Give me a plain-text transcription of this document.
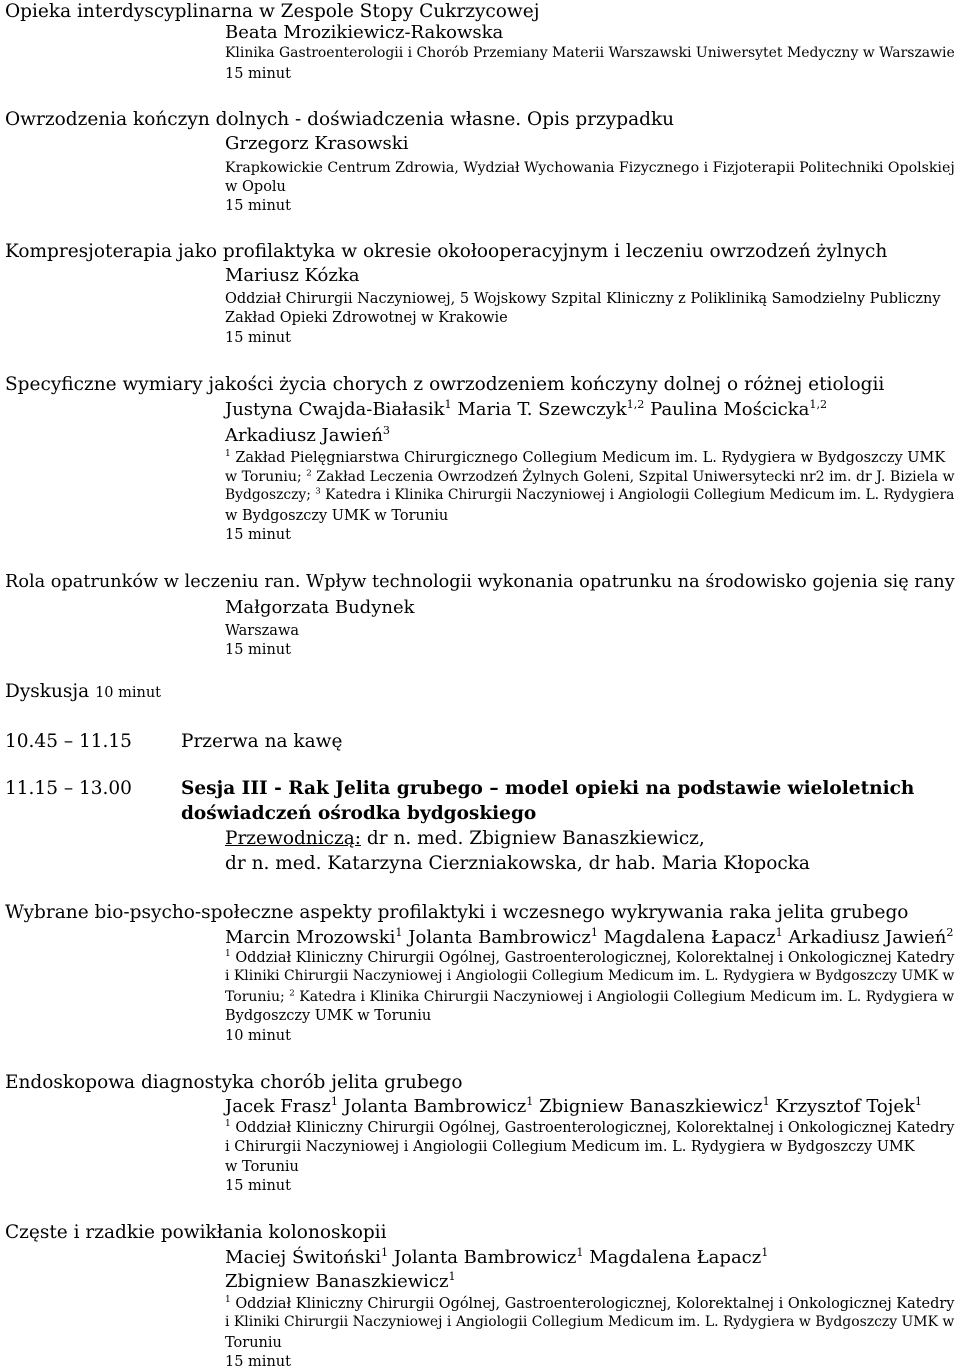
Opieka interdyscyplinarna w Zespole Stopy Cukrzycowej
Beata Mrozikiewicz-Rakowska
Klinika Gastroenterologii i Chorób Przemiany Materii Warszawski Uniwersytet Medyczny w Warszawie
15 minut
Owrzodzenia kończyn dolnych - doświadczenia własne. Opis przypadku
Grzegorz Krasowski
Krapkowickie Centrum Zdrowia, Wydział Wychowania Fizycznego i Fizjoterapii Politechniki Opolskiej
w Opolu
15 minut
Kompresjoterapia jako profilaktyka w okresie okołooperacyjnym i leczeniu owrzodzeń żylnych
Mariusz Kózka
Oddział Chirurgii Naczyniowej, 5 Wojskowy Szpital Kliniczny z Polikliniką Samodzielny Publiczny
Zakład Opieki Zdrowotnej w Krakowie
15 minut
Specyficzne wymiary jakości życia chorych z owrzodzeniem kończyny dolnej o różnej etiologii
Justyna Cwajda-Białasik$^1$ Maria T. Szewczyk$^{1,2}$ Paulina Mościcka$^{1,2}$
Arkadiusz Jawień$^3$
$^1$ Zakład Pielęgniarstwa Chirurgicznego Collegium Medicum im. L. Rydygiera w Bydgoszczy UMK
w Toruniu; $^2$ Zakład Leczenia Owrzodzeń Żylnych Goleni, Szpital Uniwersytecki nr2 im. dr J. Biziela w
Bydgoszczy; $^3$ Katedra i Klinika Chirurgii Naczyniowej i Angiologii Collegium Medicum im. L. Rydygiera
w Bydgoszczy UMK w Toruniu
15 minut
Rola opatrunków w leczeniu ran. Wpływ technologii wykonania opatrunku na środowisko gojenia się rany
Małgorzata Budynek
Warszawa
15 minut
Dyskusja 10 minut
10.45 – 11.15	Przerwa na kawę
11.15 – 13.00	Sesja III - Rak Jelita grubego – model opieki na podstawie wieloletnich
doświadczeń ośrodka bydgoskiego
Przewodniczą: dr n. med. Zbigniew Banaszkiewicz,
dr n. med. Katarzyna Cierzniakowska, dr hab. Maria Kłopocka
Wybrane bio-psycho-społeczne aspekty profilaktyki i wczesnego wykrywania raka jelita grubego
Marcin Mrozowski$^1$ Jolanta Bambrowicz$^1$ Magdalena Łapacz$^1$ Arkadiusz Jawień$^2$
$^1$ Oddział Kliniczny Chirurgii Ogólnej, Gastroenterologicznej, Kolorektalnej i Onkologicznej Katedry
i Kliniki Chirurgii Naczyniowej i Angiologii Collegium Medicum im. L. Rydygiera w Bydgoszczy UMK w
Toruniu; $^2$ Katedra i Klinika Chirurgii Naczyniowej i Angiologii Collegium Medicum im. L. Rydygiera w
Bydgoszczy UMK w Toruniu
10 minut
Endoskopowa diagnostyka chorób jelita grubego
Jacek Frasz$^1$ Jolanta Bambrowicz$^1$ Zbigniew Banaszkiewicz$^1$ Krzysztof Tojek$^1$
$^1$ Oddział Kliniczny Chirurgii Ogólnej, Gastroenterologicznej, Kolorektalnej i Onkologicznej Katedry
i Chirurgii Naczyniowej i Angiologii Collegium Medicum im. L. Rydygiera w Bydgoszczy UMK
w Toruniu
15 minut
Częste i rzadkie powikłania kolonoskopii
Maciej Świtoński$^1$ Jolanta Bambrowicz$^1$ Magdalena Łapacz$^1$
Zbigniew Banaszkiewicz$^1$
$^1$ Oddział Kliniczny Chirurgii Ogólnej, Gastroenterologicznej, Kolorektalnej i Onkologicznej Katedry
i Kliniki Chirurgii Naczyniowej i Angiologii Collegium Medicum im. L. Rydygiera w Bydgoszczy UMK w
Toruniu
15 minut
